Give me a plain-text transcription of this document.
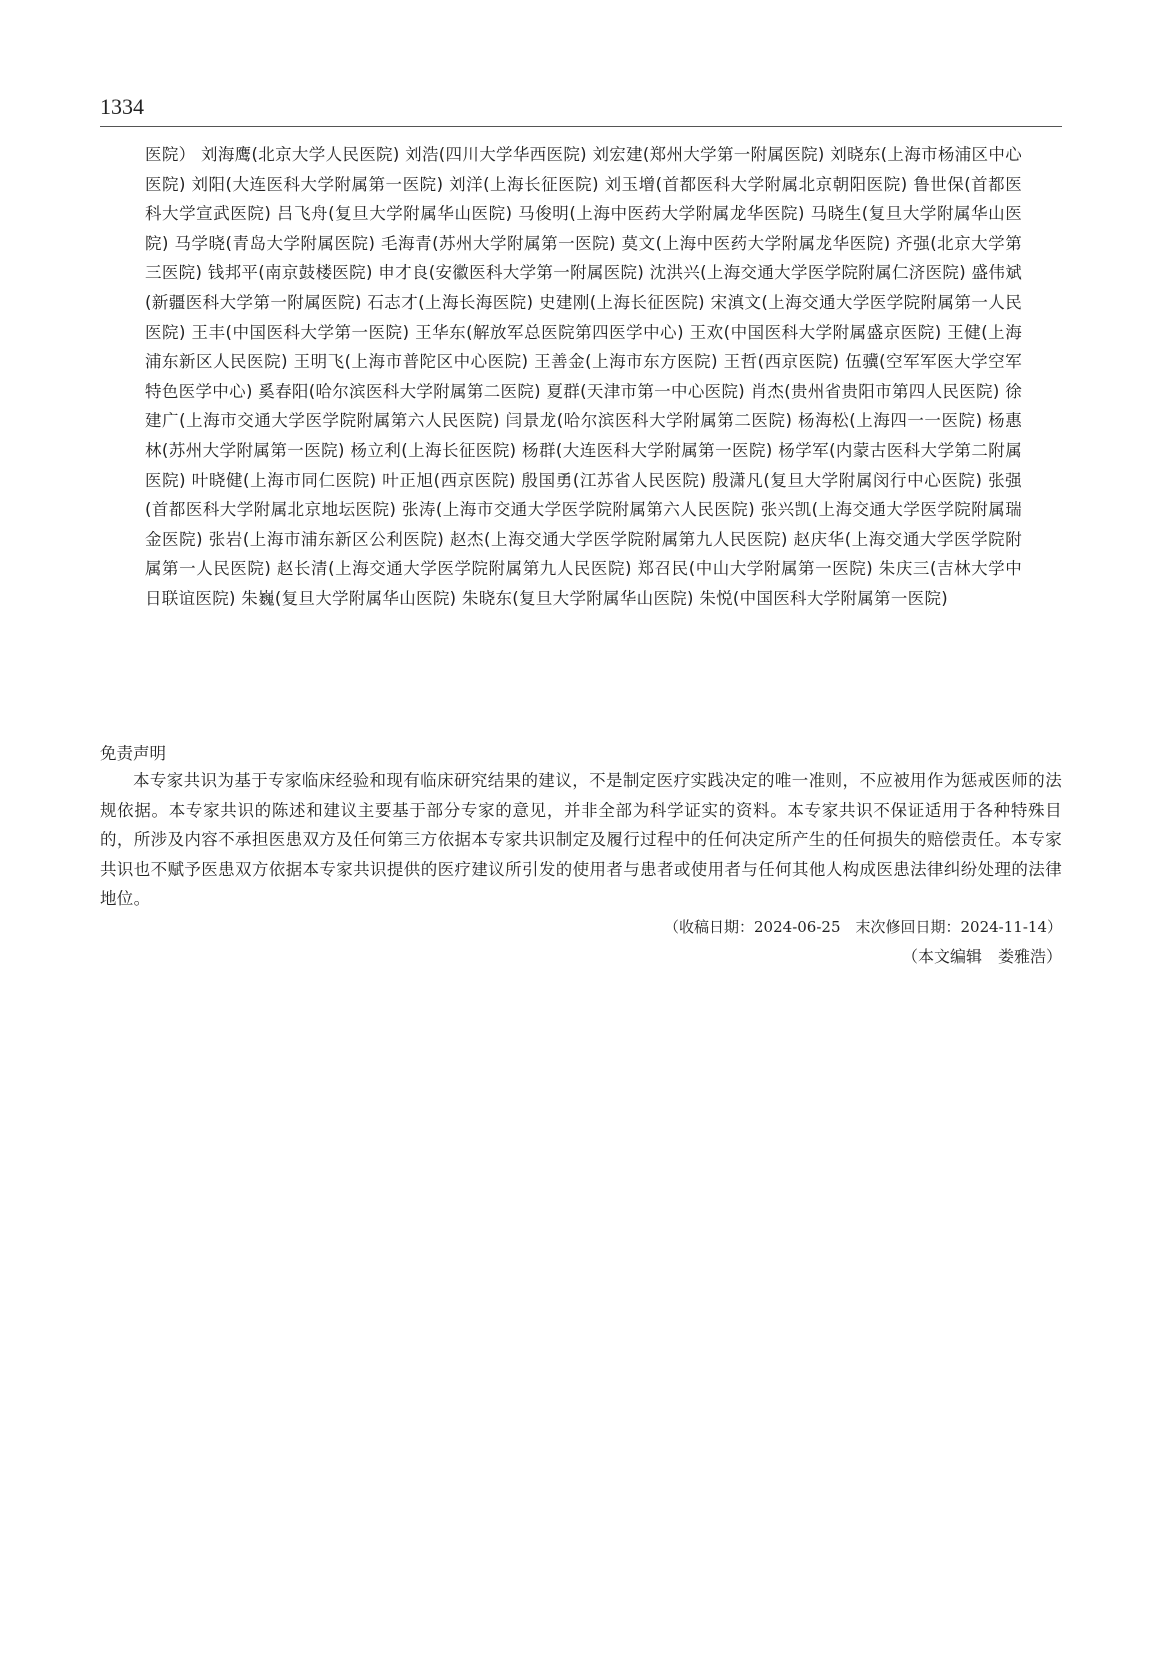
1334

医院） 刘海鹰(北京大学人民医院) 刘浩(四川大学华西医院) 刘宏建(郑州大学第一附属医院) 刘晓东(上海市杨浦区中心医院) 刘阳(大连医科大学附属第一医院) 刘洋(上海长征医院) 刘玉增(首都医科大学附属北京朝阳医院) 鲁世保(首都医科大学宣武医院) 吕飞舟(复旦大学附属华山医院) 马俊明(上海中医药大学附属龙华医院) 马晓生(复旦大学附属华山医院) 马学晓(青岛大学附属医院) 毛海青(苏州大学附属第一医院) 莫文(上海中医药大学附属龙华医院) 齐强(北京大学第三医院) 钱邦平(南京鼓楼医院) 申才良(安徽医科大学第一附属医院) 沈洪兴(上海交通大学医学院附属仁济医院) 盛伟斌(新疆医科大学第一附属医院) 石志才(上海长海医院) 史建刚(上海长征医院) 宋滇文(上海交通大学医学院附属第一人民医院) 王丰(中国医科大学第一医院) 王华东(解放军总医院第四医学中心) 王欢(中国医科大学附属盛京医院) 王健(上海浦东新区人民医院) 王明飞(上海市普陀区中心医院) 王善金(上海市东方医院) 王哲(西京医院) 伍骥(空军军医大学空军特色医学中心) 奚春阳(哈尔滨医科大学附属第二医院) 夏群(天津市第一中心医院) 肖杰(贵州省贵阳市第四人民医院) 徐建广(上海市交通大学医学院附属第六人民医院) 闫景龙(哈尔滨医科大学附属第二医院) 杨海松(上海四一一医院) 杨惠林(苏州大学附属第一医院) 杨立利(上海长征医院) 杨群(大连医科大学附属第一医院) 杨学军(内蒙古医科大学第二附属医院) 叶晓健(上海市同仁医院) 叶正旭(西京医院) 殷国勇(江苏省人民医院) 殷潇凡(复旦大学附属闵行中心医院) 张强(首都医科大学附属北京地坛医院) 张涛(上海市交通大学医学院附属第六人民医院) 张兴凯(上海交通大学医学院附属瑞金医院) 张岩(上海市浦东新区公利医院) 赵杰(上海交通大学医学院附属第九人民医院) 赵庆华(上海交通大学医学院附属第一人民医院) 赵长清(上海交通大学医学院附属第九人民医院) 郑召民(中山大学附属第一医院) 朱庆三(吉林大学中日联谊医院) 朱巍(复旦大学附属华山医院) 朱晓东(复旦大学附属华山医院) 朱悦(中国医科大学附属第一医院)

免责声明

本专家共识为基于专家临床经验和现有临床研究结果的建议，不是制定医疗实践决定的唯一准则，不应被用作为惩戒医师的法规依据。本专家共识的陈述和建议主要基于部分专家的意见，并非全部为科学证实的资料。本专家共识不保证适用于各种特殊目的，所涉及内容不承担医患双方及任何第三方依据本专家共识制定及履行过程中的任何决定所产生的任何损失的赔偿责任。本专家共识也不赋予医患双方依据本专家共识提供的医疗建议所引发的使用者与患者或使用者与任何其他人构成医患法律纠纷处理的法律地位。

（收稿日期：2024-06-25　末次修回日期：2024-11-14）

（本文编辑　娄雅浩）
